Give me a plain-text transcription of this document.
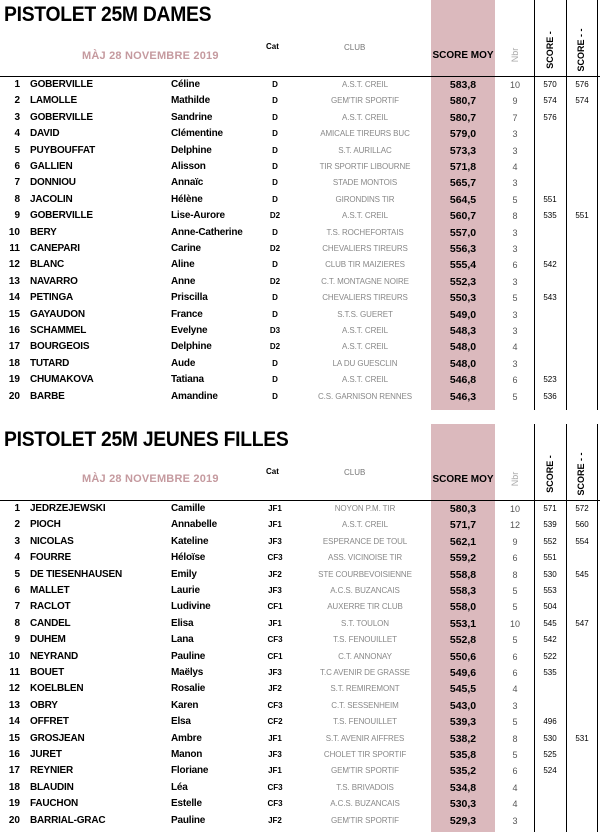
PISTOLET 25M DAMES
MÀJ 28 NOVEMBRE 2019
Cat	CLUB
SCORE MOY Nbr	SCORE - SCORE - -
1 GOBERVILLE	Céline	D	A.S.T. CREIL	583,8	10	570	576
2 LAMOLLE	Mathilde	D	GEM'TIR SPORTIF	580,7	9	574	574
3 GOBERVILLE	Sandrine	D	A.S.T. CREIL	580,7	7	576
4 DAVID	Clémentine	D	AMICALE TIREURS BUC	579,0	3
5 PUYBOUFFAT	Delphine	D	S.T. AURILLAC	573,3	3
6 GALLIEN	Alisson	D	TIR SPORTIF LIBOURNE	571,8	4
7 DONNIOU	Annaïc	D	STADE MONTOIS	565,7	3
8 JACOLIN	Hélène	D	GIRONDINS TIR	564,5	5	551
9 GOBERVILLE	Lise-Aurore	D2	A.S.T. CREIL	560,7	8	535	551
10 BERY	Anne-Catherine	D	T.S. ROCHEFORTAIS	557,0	3
11 CANEPARI	Carine	D2	CHEVALIERS TIREURS	556,3	3
12 BLANC	Aline	D	CLUB TIR MAIZIERES	555,4	6	542
13 NAVARRO	Anne	D2	C.T. MONTAGNE NOIRE	552,3	3
14 PETINGA	Priscilla	D	CHEVALIERS TIREURS	550,3	5	543
15 GAYAUDON	France	D	S.T.S. GUERET	549,0	3
16 SCHAMMEL	Evelyne	D3	A.S.T. CREIL	548,3	3
17 BOURGEOIS	Delphine	D2	A.S.T. CREIL	548,0	4
18 TUTARD	Aude	D	LA DU GUESCLIN	548,0	3
19 CHUMAKOVA	Tatiana	D	A.S.T. CREIL	546,8	6	523
20 BARBE	Amandine	D	C.S. GARNISON RENNES	546,3	5	536
PISTOLET 25M JEUNES FILLES
MÀJ 28 NOVEMBRE 2019
Cat	CLUB
SCORE MOY Nbr	SCORE - SCORE - -
1 JEDRZEJEWSKI	Camille	JF1	NOYON P.M. TIR	580,3	10	571	572
2 PIOCH	Annabelle	JF1	A.S.T. CREIL	571,7	12	539	560
3 NICOLAS	Kateline	JF3	ESPERANCE DE TOUL	562,1	9	552	554
4 FOURRE	Héloïse	CF3	ASS. VICINOISE TIR	559,2	6	551
5 DE TIESENHAUSEN	Emily	JF2	STE COURBEVOISIENNE	558,8	8	530	545
6 MALLET	Laurie	JF3	A.C.S. BUZANCAIS	558,3	5	553
7 RACLOT	Ludivine	CF1	AUXERRE TIR CLUB	558,0	5	504
8 CANDEL	Elisa	JF1	S.T. TOULON	553,1	10	545	547
9 DUHEM	Lana	CF3	T.S. FENOUILLET	552,8	5	542
10 NEYRAND	Pauline	CF1	C.T. ANNONAY	550,6	6	522
11 BOUET	Maëlys	JF3	T.C AVENIR DE GRASSE	549,6	6	535
12 KOELBLEN	Rosalie	JF2	S.T. REMIREMONT	545,5	4
13 OBRY	Karen	CF3	C.T. SESSENHEIM	543,0	3
14 OFFRET	Elsa	CF2	T.S. FENOUILLET	539,3	5	496
15 GROSJEAN	Ambre	JF1	S.T. AVENIR AIFFRES	538,2	8	530	531
16 JURET	Manon	JF3	CHOLET TIR SPORTIF	535,8	5	525
17 REYNIER	Floriane	JF1	GEM'TIR SPORTIF	535,2	6	524
18 BLAUDIN	Léa	CF3	T.S. BRIVADOIS	534,8	4
19 FAUCHON	Estelle	CF3	A.C.S. BUZANCAIS	530,3	4
20 BARRIAL-GRAC	Pauline	JF2	GEM'TIR SPORTIF	529,3	3
